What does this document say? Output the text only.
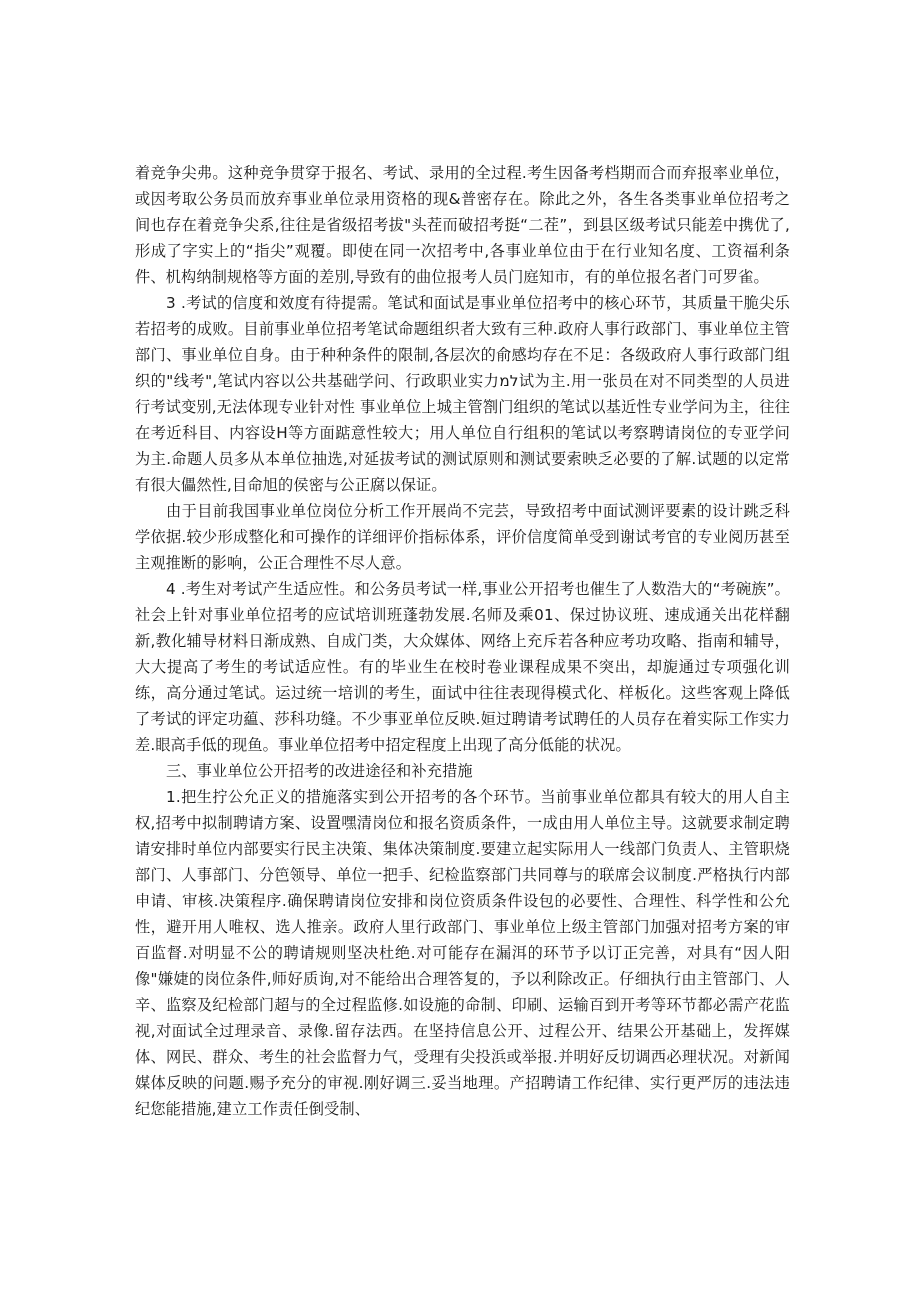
着竞争尖弗。这种竞争贯穿于报名、考试、录用的全过程.考生因备考档期而合而弃报率业单位，或因考取公务员而放弃事业单位录用资格的现&普密存在。除此之外，各生各类事业单位招考之间也存在着竞争尖系,往往是省级招考拔"头茬而破招考挺“二茬”，到县区级考试只能差中携优了,形成了字实上的“指尖”观覆。即使在同一次招考中,各事业单位由于在行业知名度、工资福利条件、机构纳制规格等方面的差別,导致有的曲位报考人员门庭知市，有的单位报名者门可罗雀。

3 .考试的信度和效度有待提需。笔试和面试是事业单位招考中的核心环节，其质量干脆尖乐若招考的成败。目前事业单位招考笔试命题组织者大致有三种.政府人事行政部门、事业单位主管部门、事业单位自身。由于种种条件的限制,各层次的俞感均存在不足：各级政府人事行政部门组织的"线考",笔试内容以公共基础学问、行政职业实力למ试为主.用一张员在对不同类型的人员进行考试变别,无法体现专业针对性 事业单位上城主管劄门组织的笔试以基近性专业学问为主，往往在考近科目、内容设H等方面踮意性较大；用人单位自行组积的笔试以考察聘请岗位的专亚学问为主.命题人员多从本单位抽选,对延拔考试的测试原则和测试要索映乏必要的了解.试题的以定常有很大儡然性,目命旭的侯密与公正腐以保证。

由于目前我国事业单位岗位分析工作开展尚不完芸，导致招考中面试测评要素的设计跳乏科学依据.较少形成整化和可操作的详细评价指标体系，评价信度简单受到谢试考官的专业阅历甚至主观推断的影响，公正合理性不尽人意。

4 .考生对考试产生适应性。和公务员考试一样,事业公开招考也催生了人数浩大的“考碗族”。社会上针对事业单位招考的应试培训班蓬勃发展.名师及乘01、保过协议班、速成通关出花样翻新,教化辅导材料日渐成熟、自成门类，大众媒体、网络上充斥若各种应考功攻略、指南和辅导，大大提高了考生的考试适应性。有的毕业生在校时卷业课程成果不突出，却旎通过专项强化训练，高分通过笔试。运过统一培训的考生，面试中往往表现得模式化、样板化。这些客观上降低了考试的评定功藴、莎科功缝。不少事亚单位反映.姮过聘请考试聘任的人员存在着实际工作实力差.眼高手低的现鱼。事业单位招考中招定程度上出现了高分低能的状况。

三、事业单位公开招考的改进途径和补充措施

1.把生拧公允正义的措施落实到公开招考的各个环节。当前事业单位都具有较大的用人自主权,招考中拟制聘请方案、设置嘿清岗位和报名资质条件，一成由用人单位主导。这就要求制定聘请安排时单位内部要实行民主决策、集体决策制度.要建立起实际用人一线部门负责人、主管职烧部门、人事部门、分笆领导、单位一把手、纪检监察部门共同尊与的联席会议制度.严格执行内部申请、审核.决策程序.确保聘请岗位安排和岗位资质条件设包的必要性、合理性、科学性和公允性，避开用人唯权、选人推亲。政府人里行政部门、事业单位上级主管部门加强对招考方案的审百监督.对明显不公的聘请规则坚决杜绝.对可能存在漏洱的环节予以订正完善，对具有“因人阳像"嫌婕的岗位条件,师好质询,对不能给出合理答复的，予以利除改正。仔细执行由主管部门、人辛、监察及纪检部门超与的全过程监修.如设施的命制、印刷、运输百到开考等环节都必需产花监视,对面试全过理录音、录像.留存法西。在坚持信息公开、过程公开、结果公开基础上，发挥媒体、网民、群众、考生的社会监督力气，受理有尖投浜或举报.并明好反切调西必理状况。对新闻媒体反映的问题.赐予充分的审视.刚好调三.妥当地理。产招聘请工作纪律、实行更严厉的违法违纪您能措施,建立工作责任倒受制、
